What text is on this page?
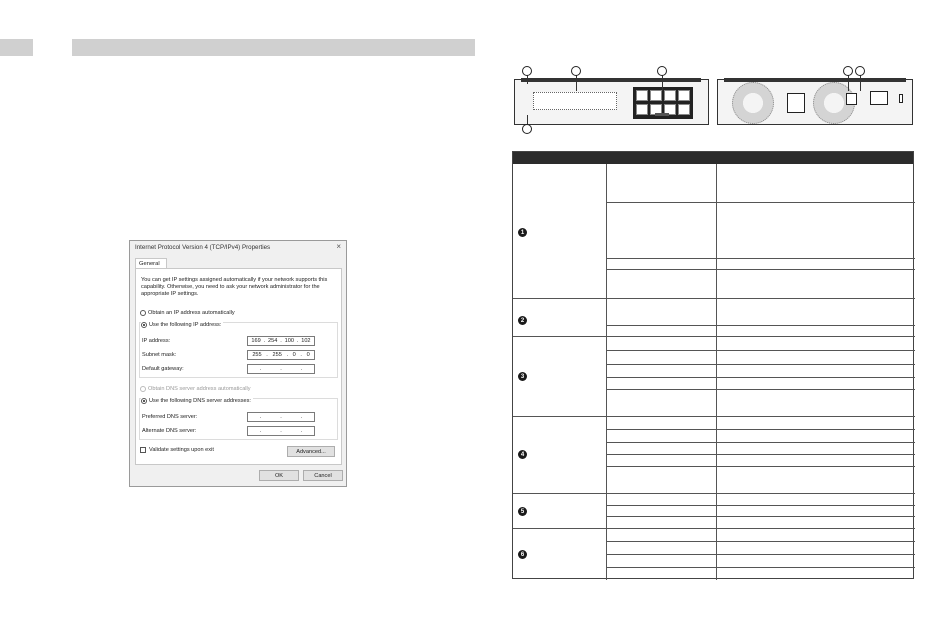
Internet Protocol Version 4 (TCP/IPv4) Properties	×
General
You can get IP settings assigned automatically if your network supports this capability. Otherwise, you need to ask your network administrator for the appropriate IP settings.
Obtain an IP address automatically
Use the following IP address:
IP address:	169 . 254 . 100 . 102
Subnet mask:	255 . 255 . 0 . 0
Default gateway:	.	.	.
Obtain DNS server address automatically
Use the following DNS server addresses:
Preferred DNS server:	.	.	.
Alternate DNS server:	.	.	.
Validate settings upon exit	Advanced...
OK	Cancel
1
2
3
4
5
6
